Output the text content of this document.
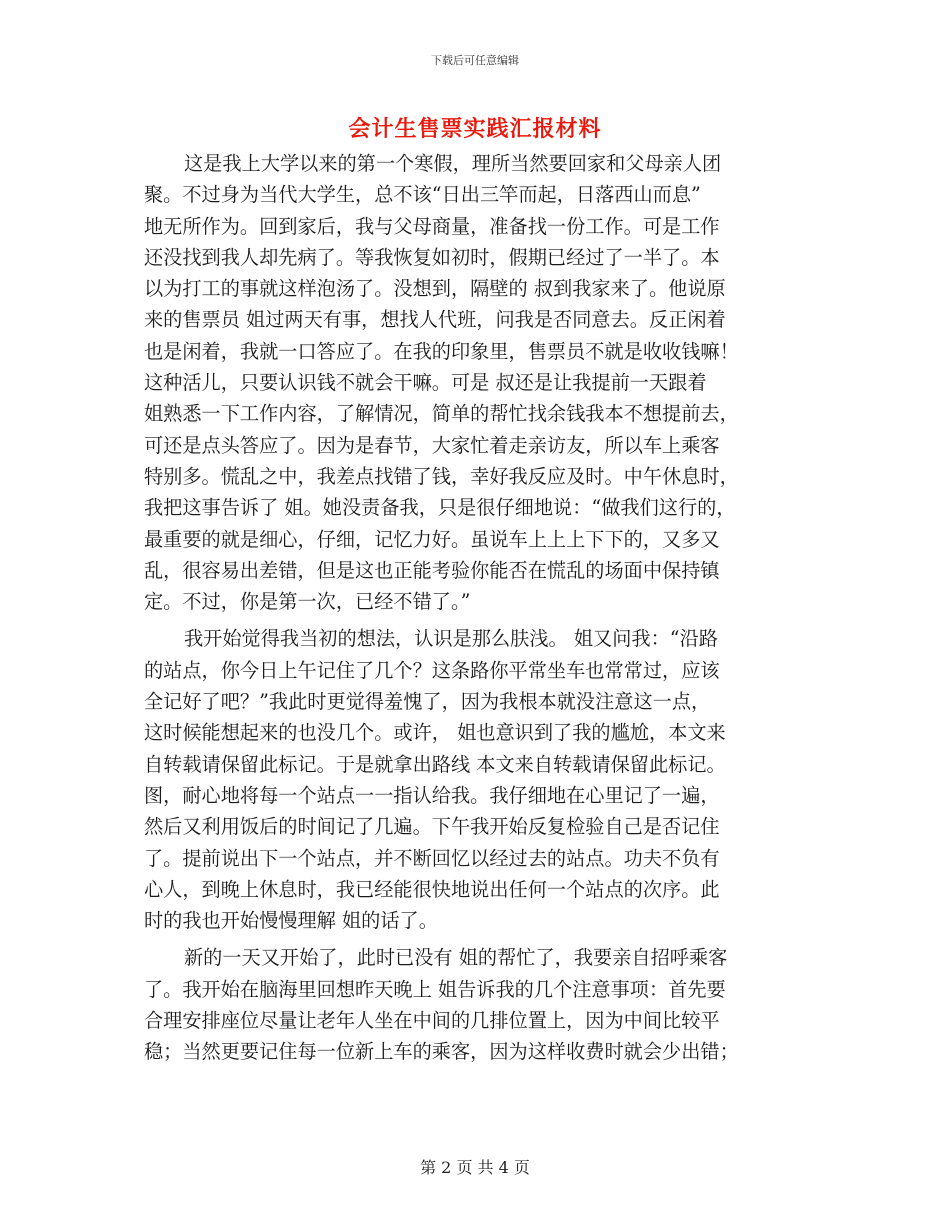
下载后可任意编辑
会计生售票实践汇报材料
这是我上大学以来的第一个寒假，理所当然要回家和父母亲人团
聚。不过身为当代大学生，总不该“日出三竿而起，日落西山而息”
地无所作为。回到家后，我与父母商量，准备找一份工作。可是工作
还没找到我人却先病了。等我恢复如初时，假期已经过了一半了。本
以为打工的事就这样泡汤了。没想到，隔壁的 叔到我家来了。他说原
来的售票员 姐过两天有事，想找人代班，问我是否同意去。反正闲着
也是闲着，我就一口答应了。在我的印象里，售票员不就是收收钱嘛！
这种活儿，只要认识钱不就会干嘛。可是 叔还是让我提前一天跟着
姐熟悉一下工作内容，了解情况，简单的帮忙找余钱我本不想提前去，
可还是点头答应了。因为是春节，大家忙着走亲访友，所以车上乘客
特别多。慌乱之中，我差点找错了钱，幸好我反应及时。中午休息时，
我把这事告诉了 姐。她没责备我，只是很仔细地说：“做我们这行的，
最重要的就是细心，仔细，记忆力好。虽说车上上上下下的，又多又
乱，很容易出差错，但是这也正能考验你能否在慌乱的场面中保持镇
定。不过，你是第一次，已经不错了。”
我开始觉得我当初的想法，认识是那么肤浅。 姐又问我：“沿路
的站点，你今日上午记住了几个？这条路你平常坐车也常常过，应该
全记好了吧？”我此时更觉得羞愧了，因为我根本就没注意这一点，
这时候能想起来的也没几个。或许， 姐也意识到了我的尴尬，本文来
自转载请保留此标记。于是就拿出路线 本文来自转载请保留此标记。
图，耐心地将每一个站点一一指认给我。我仔细地在心里记了一遍，
然后又利用饭后的时间记了几遍。下午我开始反复检验自己是否记住
了。提前说出下一个站点，并不断回忆以经过去的站点。功夫不负有
心人，到晚上休息时，我已经能很快地说出任何一个站点的次序。此
时的我也开始慢慢理解 姐的话了。
新的一天又开始了，此时已没有 姐的帮忙了，我要亲自招呼乘客
了。我开始在脑海里回想昨天晚上 姐告诉我的几个注意事项：首先要
合理安排座位尽量让老年人坐在中间的几排位置上，因为中间比较平
稳；当然更要记住每一位新上车的乘客，因为这样收费时就会少出错；
第 2 页 共 4 页
